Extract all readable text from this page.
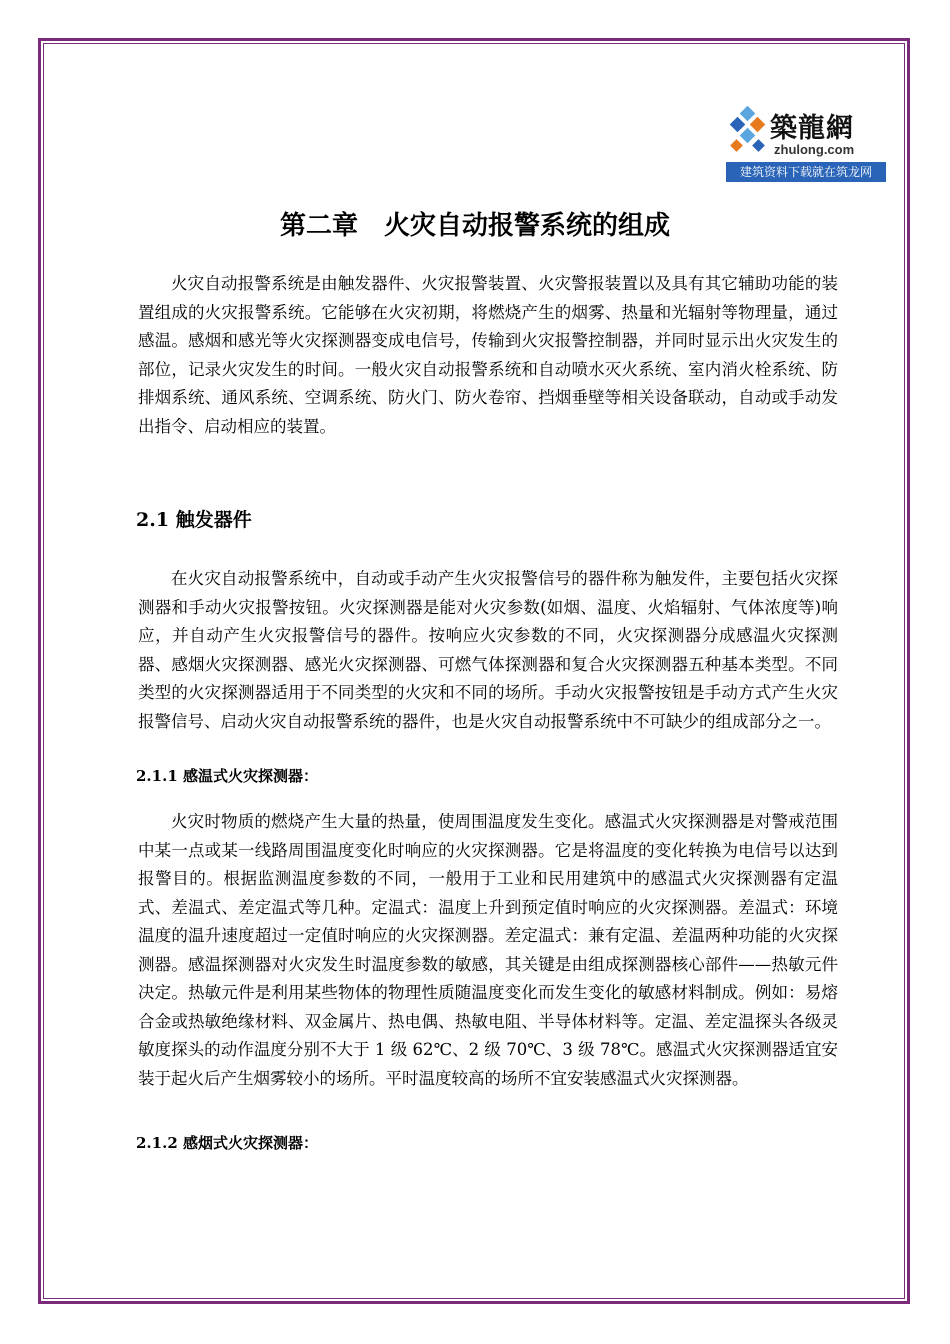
築龍網
zhulong.com
建筑资料下载就在筑龙网
第二章　火灾自动报警系统的组成

火灾自动报警系统是由触发器件、火灾报警装置、火灾警报装置以及具有其它辅助功能的装置组成的火灾报警系统。它能够在火灾初期，将燃烧产生的烟雾、热量和光辐射等物理量，通过感温。感烟和感光等火灾探测器变成电信号，传输到火灾报警控制器，并同时显示出火灾发生的部位，记录火灾发生的时间。一般火灾自动报警系统和自动喷水灭火系统、室内消火栓系统、防排烟系统、通风系统、空调系统、防火门、防火卷帘、挡烟垂壁等相关设备联动，自动或手动发出指令、启动相应的装置。

2.1 触发器件

在火灾自动报警系统中，自动或手动产生火灾报警信号的器件称为触发件，主要包括火灾探测器和手动火灾报警按钮。火灾探测器是能对火灾参数(如烟、温度、火焰辐射、气体浓度等)响应，并自动产生火灾报警信号的器件。按响应火灾参数的不同，火灾探测器分成感温火灾探测器、感烟火灾探测器、感光火灾探测器、可燃气体探测器和复合火灾探测器五种基本类型。不同类型的火灾探测器适用于不同类型的火灾和不同的场所。手动火灾报警按钮是手动方式产生火灾报警信号、启动火灾自动报警系统的器件，也是火灾自动报警系统中不可缺少的组成部分之一。

2.1.1 感温式火灾探测器：

火灾时物质的燃烧产生大量的热量，使周围温度发生变化。感温式火灾探测器是对警戒范围中某一点或某一线路周围温度变化时响应的火灾探测器。它是将温度的变化转换为电信号以达到报警目的。根据监测温度参数的不同，一般用于工业和民用建筑中的感温式火灾探测器有定温式、差温式、差定温式等几种。定温式：温度上升到预定值时响应的火灾探测器。差温式：环境温度的温升速度超过一定值时响应的火灾探测器。差定温式：兼有定温、差温两种功能的火灾探测器。感温探测器对火灾发生时温度参数的敏感，其关键是由组成探测器核心部件——热敏元件决定。热敏元件是利用某些物体的物理性质随温度变化而发生变化的敏感材料制成。例如：易熔合金或热敏绝缘材料、双金属片、热电偶、热敏电阻、半导体材料等。定温、差定温探头各级灵敏度探头的动作温度分别不大于 1 级 62℃、2 级 70℃、3 级 78℃。感温式火灾探测器适宜安装于起火后产生烟雾较小的场所。平时温度较高的场所不宜安装感温式火灾探测器。

2.1.2 感烟式火灾探测器：
